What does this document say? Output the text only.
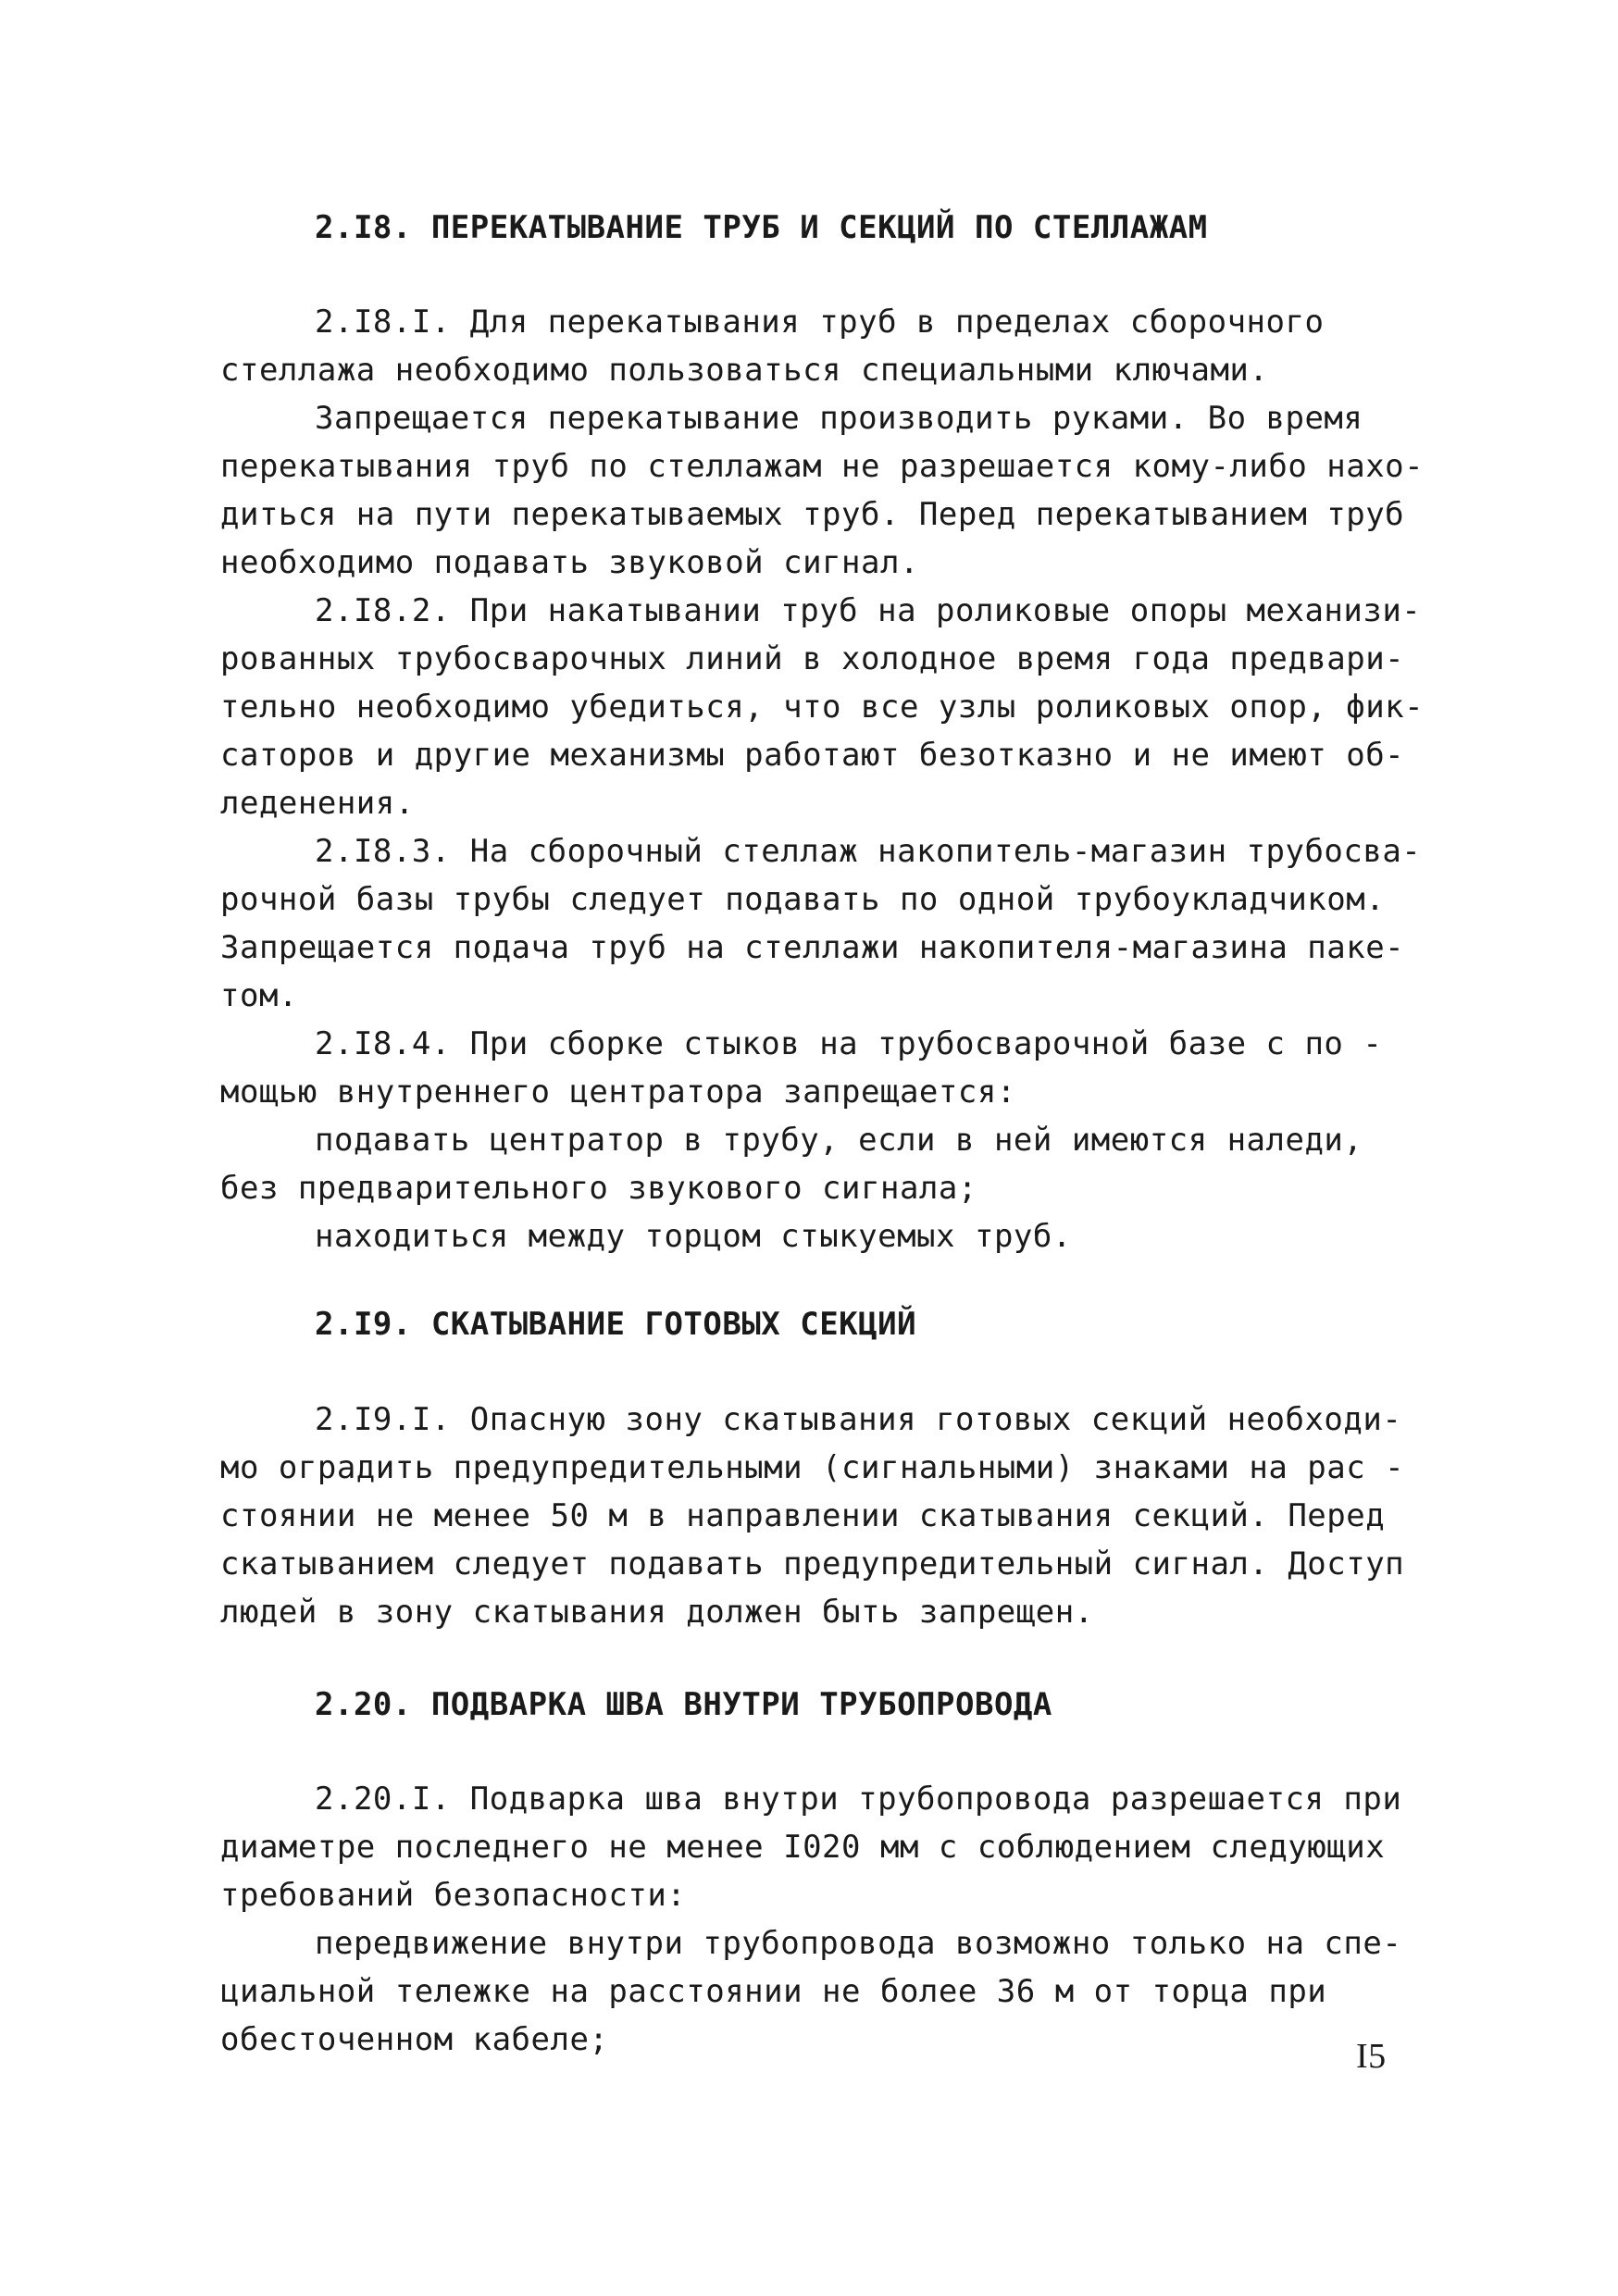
2.I8. ПЕРЕКАТЫВАНИЕ ТРУБ И СЕКЦИЙ ПО СТЕЛЛАЖАМ
2.I8.I. Для перекатывания труб в пределах сборочного
стеллажа необходимо пользоваться специальными ключами.
Запрещается перекатывание производить руками. Во время
перекатывания труб по стеллажам не разрешается кому-либо нахо-
диться на пути перекатываемых труб. Перед перекатыванием труб
необходимо подавать звуковой сигнал.
2.I8.2. При накатывании труб на роликовые опоры механизи-
рованных трубосварочных линий в холодное время года предвари-
тельно необходимо убедиться, что все узлы роликовых опор, фик-
саторов и другие механизмы работают безотказно и не имеют об-
леденения.
2.I8.3. На сборочный стеллаж накопитель-магазин трубосва-
рочной базы трубы следует подавать по одной трубоукладчиком.
Запрещается подача труб на стеллажи накопителя-магазина паке-
том.
2.I8.4. При сборке стыков на трубосварочной базе с по -
мощью внутреннего центратора запрещается:
подавать центратор в трубу, если в ней имеются наледи,
без предварительного звукового сигнала;
находиться между торцом стыкуемых труб.
2.I9. СКАТЫВАНИЕ ГОТОВЫХ СЕКЦИЙ
2.I9.I. Опасную зону скатывания готовых секций необходи-
мо оградить предупредительными (сигнальными) знаками на рас -
стоянии не менее 50 м в направлении скатывания секций. Перед
скатыванием следует подавать предупредительный сигнал. Доступ
людей в зону скатывания должен быть запрещен.
2.20. ПОДВАРКА ШВА ВНУТРИ ТРУБОПРОВОДА
2.20.I. Подварка шва внутри трубопровода разрешается при
диаметре последнего не менее I020 мм с соблюдением следующих
требований безопасности:
передвижение внутри трубопровода возможно только на спе-
циальной тележке на расстоянии не более 36 м от торца при
обесточенном кабеле;	I5
